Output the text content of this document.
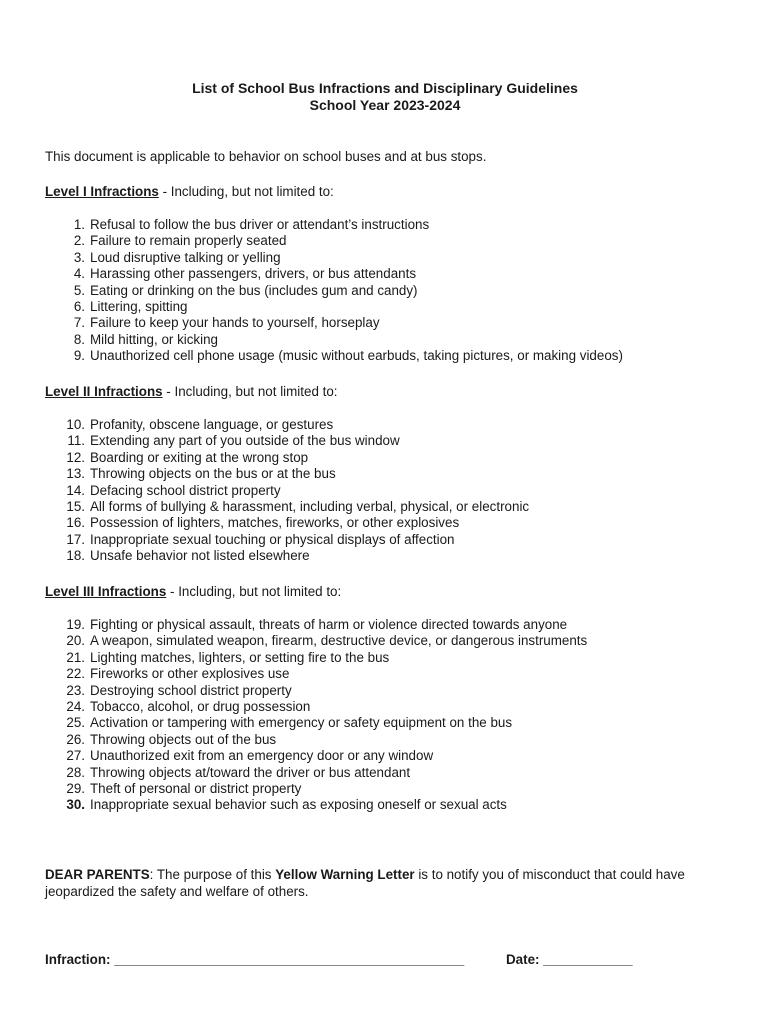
List of School Bus Infractions and Disciplinary Guidelines
School Year 2023-2024
This document is applicable to behavior on school buses and at bus stops.
Level I Infractions - Including, but not limited to:
1. Refusal to follow the bus driver or attendant’s instructions
2. Failure to remain properly seated
3. Loud disruptive talking or yelling
4. Harassing other passengers, drivers, or bus attendants
5. Eating or drinking on the bus (includes gum and candy)
6. Littering, spitting
7. Failure to keep your hands to yourself, horseplay
8. Mild hitting, or kicking
9. Unauthorized cell phone usage (music without earbuds, taking pictures, or making videos)
Level II Infractions - Including, but not limited to:
10. Profanity, obscene language, or gestures
11. Extending any part of you outside of the bus window
12. Boarding or exiting at the wrong stop
13. Throwing objects on the bus or at the bus
14. Defacing school district property
15. All forms of bullying & harassment, including verbal, physical, or electronic
16. Possession of lighters, matches, fireworks, or other explosives
17. Inappropriate sexual touching or physical displays of affection
18. Unsafe behavior not listed elsewhere
Level III Infractions - Including, but not limited to:
19. Fighting or physical assault, threats of harm or violence directed towards anyone
20. A weapon, simulated weapon, firearm, destructive device, or dangerous instruments
21. Lighting matches, lighters, or setting fire to the bus
22. Fireworks or other explosives use
23. Destroying school district property
24. Tobacco, alcohol, or drug possession
25. Activation or tampering with emergency or safety equipment on the bus
26. Throwing objects out of the bus
27. Unauthorized exit from an emergency door or any window
28. Throwing objects at/toward the driver or bus attendant
29. Theft of personal or district property
30. Inappropriate sexual behavior such as exposing oneself or sexual acts
DEAR PARENTS: The purpose of this Yellow Warning Letter is to notify you of misconduct that could have jeopardized the safety and welfare of others.
Infraction: _______________________________________________	Date: ____________
